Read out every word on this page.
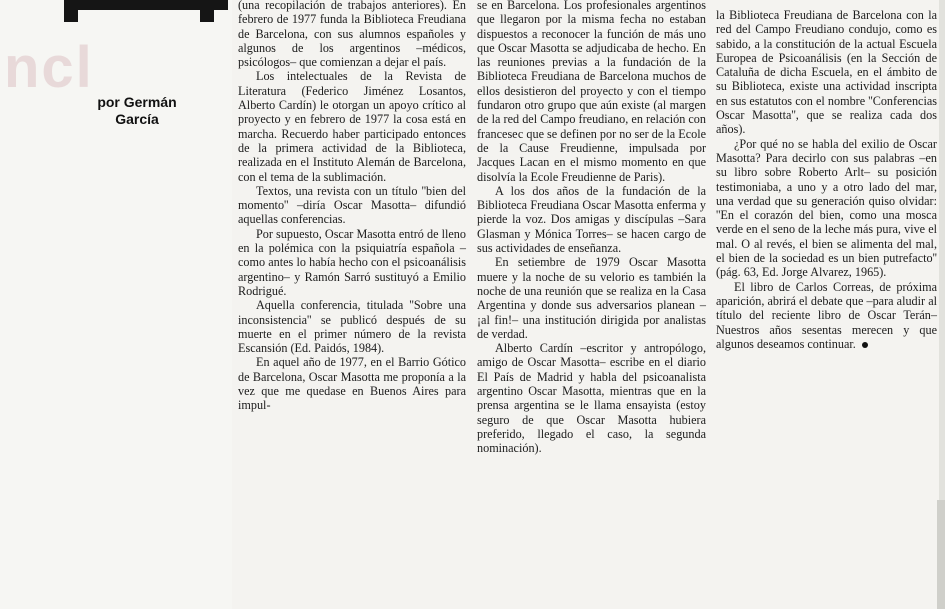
ncl
por Germán
García

(una recopilación de trabajos anteriores). En febrero de 1977 funda la Biblioteca Freudiana de Barcelona, con sus alumnos españoles y algunos de los argentinos –médicos, psicólogos– que comienzan a dejar el país.

Los intelectuales de la Revista de Literatura (Federico Jiménez Losantos, Alberto Cardín) le otorgan un apoyo crítico al proyecto y en febrero de 1977 la cosa está en marcha. Recuerdo haber participado entonces de la primera actividad de la Biblioteca, realizada en el Instituto Alemán de Barcelona, con el tema de la sublimación.

Textos, una revista con un título ''bien del momento'' –diría Oscar Masotta– difundió aquellas conferencias.

Por supuesto, Oscar Masotta entró de lleno en la polémica con la psiquiatría española –como antes lo había hecho con el psicoanálisis argentino– y Ramón Sarró sustituyó a Emilio Rodrigué.

Aquella conferencia, titulada ''Sobre una inconsistencia'' se publicó después de su muerte en el primer número de la revista Escansión (Ed. Paidós, 1984).

En aquel año de 1977, en el Barrio Gótico de Barcelona, Oscar Masotta me proponía a la vez que me quedase en Buenos Aires para impul-

se en Barcelona. Los profesionales argentinos que llegaron por la misma fecha no estaban dispuestos a reconocer la función de más uno que Oscar Masotta se adjudicaba de hecho. En las reuniones previas a la fundación de la Biblioteca Freudiana de Barcelona muchos de ellos desistieron del proyecto y con el tiempo fundaron otro grupo que aún existe (al margen de la red del Campo freudiano, en relación con francesес que se definen por no ser de la Ecole de la Cause Freudienne, impulsada por Jacques Lacan en el mismo momento en que disolvía la Ecole Freudienne de Paris).

A los dos años de la fundación de la Biblioteca Freudiana Oscar Masotta enferma y pierde la voz. Dos amigas y discípulas –Sara Glasman y Mónica Torres– se hacen cargo de sus actividades de enseñanza.

En setiembre de 1979 Oscar Masotta muere y la noche de su velorio es también la noche de una reunión que se realiza en la Casa Argentina y donde sus adversarios planean –¡al fin!– una institución dirigida por analistas de verdad.

Alberto Cardín –escritor y antropólogo, amigo de Oscar Masotta– escribe en el diario El País de Madrid y habla del psicoanalista argentino Oscar Masotta, mientras que en la prensa argentina se le llama ensayista (estoy seguro de que Oscar Masotta hubiera preferido, llegado el caso, la segunda nominación).

la Biblioteca Freudiana de Barcelona con la red del Campo Freudiano condujo, como es sabido, a la constitución de la actual Escuela Europea de Psicoanálisis (en la Sección de Cataluña de dicha Escuela, en el ámbito de su Biblioteca, existe una actividad inscripta en sus estatutos con el nombre ''Conferencias Oscar Masotta'', que se realiza cada dos años).

¿Por qué no se habla del exilio de Oscar Masotta? Para decirlo con sus palabras –en su libro sobre Roberto Arlt– su posición testimoniaba, a uno y a otro lado del mar, una verdad que su generación quiso olvidar: ''En el corazón del bien, como una mosca verde en el seno de la leche más pura, vive el mal. O al revés, el bien se alimenta del mal, el bien de la sociedad es un bien putrefacto'' (pág. 63, Ed. Jorge Alvarez, 1965).

El libro de Carlos Correas, de próxima aparición, abrirá el debate que –para aludir al título del reciente libro de Oscar Terán– Nuestros años sesentas merecen y que algunos deseamos continuar.
